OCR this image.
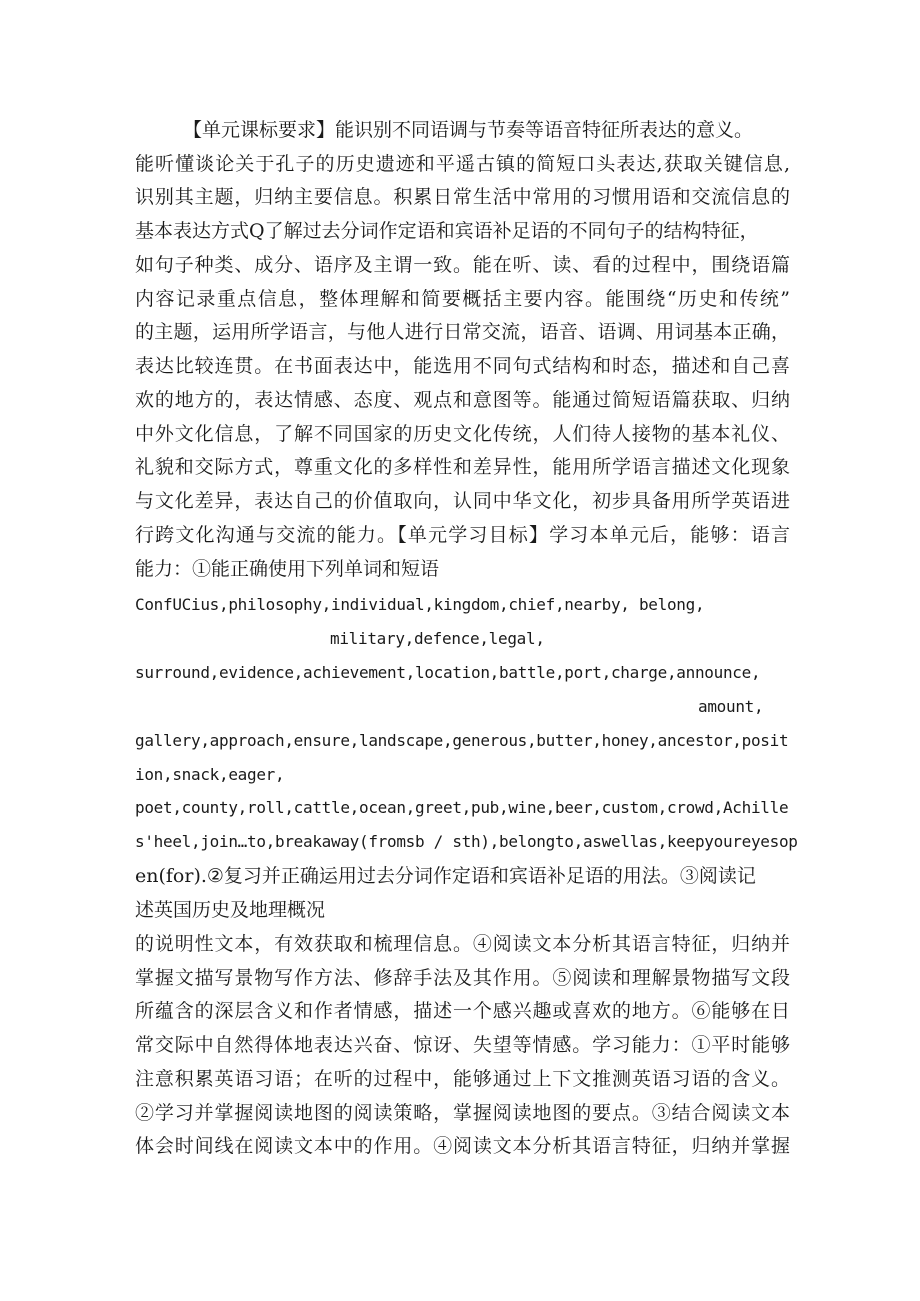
【单元课标要求】能识别不同语调与节奏等语音特征所表达的意义。
能听懂谈论关于孔子的历史遗迹和平遥古镇的简短口头表达,获取关键信息,
识别其主题，归纳主要信息。积累日常生活中常用的习惯用语和交流信息的
基本表达方式Q了解过去分词作定语和宾语补足语的不同句子的结构特征，
如句子种类、成分、语序及主谓一致。能在听、读、看的过程中，围绕语篇
内容记录重点信息，整体理解和简要概括主要内容。能围绕“历史和传统”
的主题，运用所学语言，与他人进行日常交流，语音、语调、用词基本正确，
表达比较连贯。在书面表达中，能选用不同句式结构和时态，描述和自己喜
欢的地方的，表达情感、态度、观点和意图等。能通过简短语篇获取、归纳
中外文化信息，了解不同国家的历史文化传统，人们待人接物的基本礼仪、
礼貌和交际方式，尊重文化的多样性和差异性，能用所学语言描述文化现象
与文化差异，表达自己的价值取向，认同中华文化，初步具备用所学英语进
行跨文化沟通与交流的能力。【单元学习目标】学习本单元后，能够：语言
能力：①能正确使用下列单词和短语
ConfUCius,philosophy,individual,kingdom,chief,nearby, belong,
military,defence,legal,
surround,evidence,achievement,location,battle,port,charge,announce,
amount,
gallery,approach,ensure,landscape,generous,butter,honey,ancestor,posit
ion,snack,eager,
poet,county,roll,cattle,ocean,greet,pub,wine,beer,custom,crowd,Achille
s'heel,join…to,breakaway(fromsb / sth),belongto,aswellas,keepyoureyesop
en(for).②复习并正确运用过去分词作定语和宾语补足语的用法。③阅读记
述英国历史及地理概况
的说明性文本，有效获取和梳理信息。④阅读文本分析其语言特征，归纳并
掌握文描写景物写作方法、修辞手法及其作用。⑤阅读和理解景物描写文段
所蕴含的深层含义和作者情感，描述一个感兴趣或喜欢的地方。⑥能够在日
常交际中自然得体地表达兴奋、惊讶、失望等情感。学习能力：①平时能够
注意积累英语习语；在听的过程中，能够通过上下文推测英语习语的含义。
②学习并掌握阅读地图的阅读策略，掌握阅读地图的要点。③结合阅读文本
体会时间线在阅读文本中的作用。④阅读文本分析其语言特征，归纳并掌握
